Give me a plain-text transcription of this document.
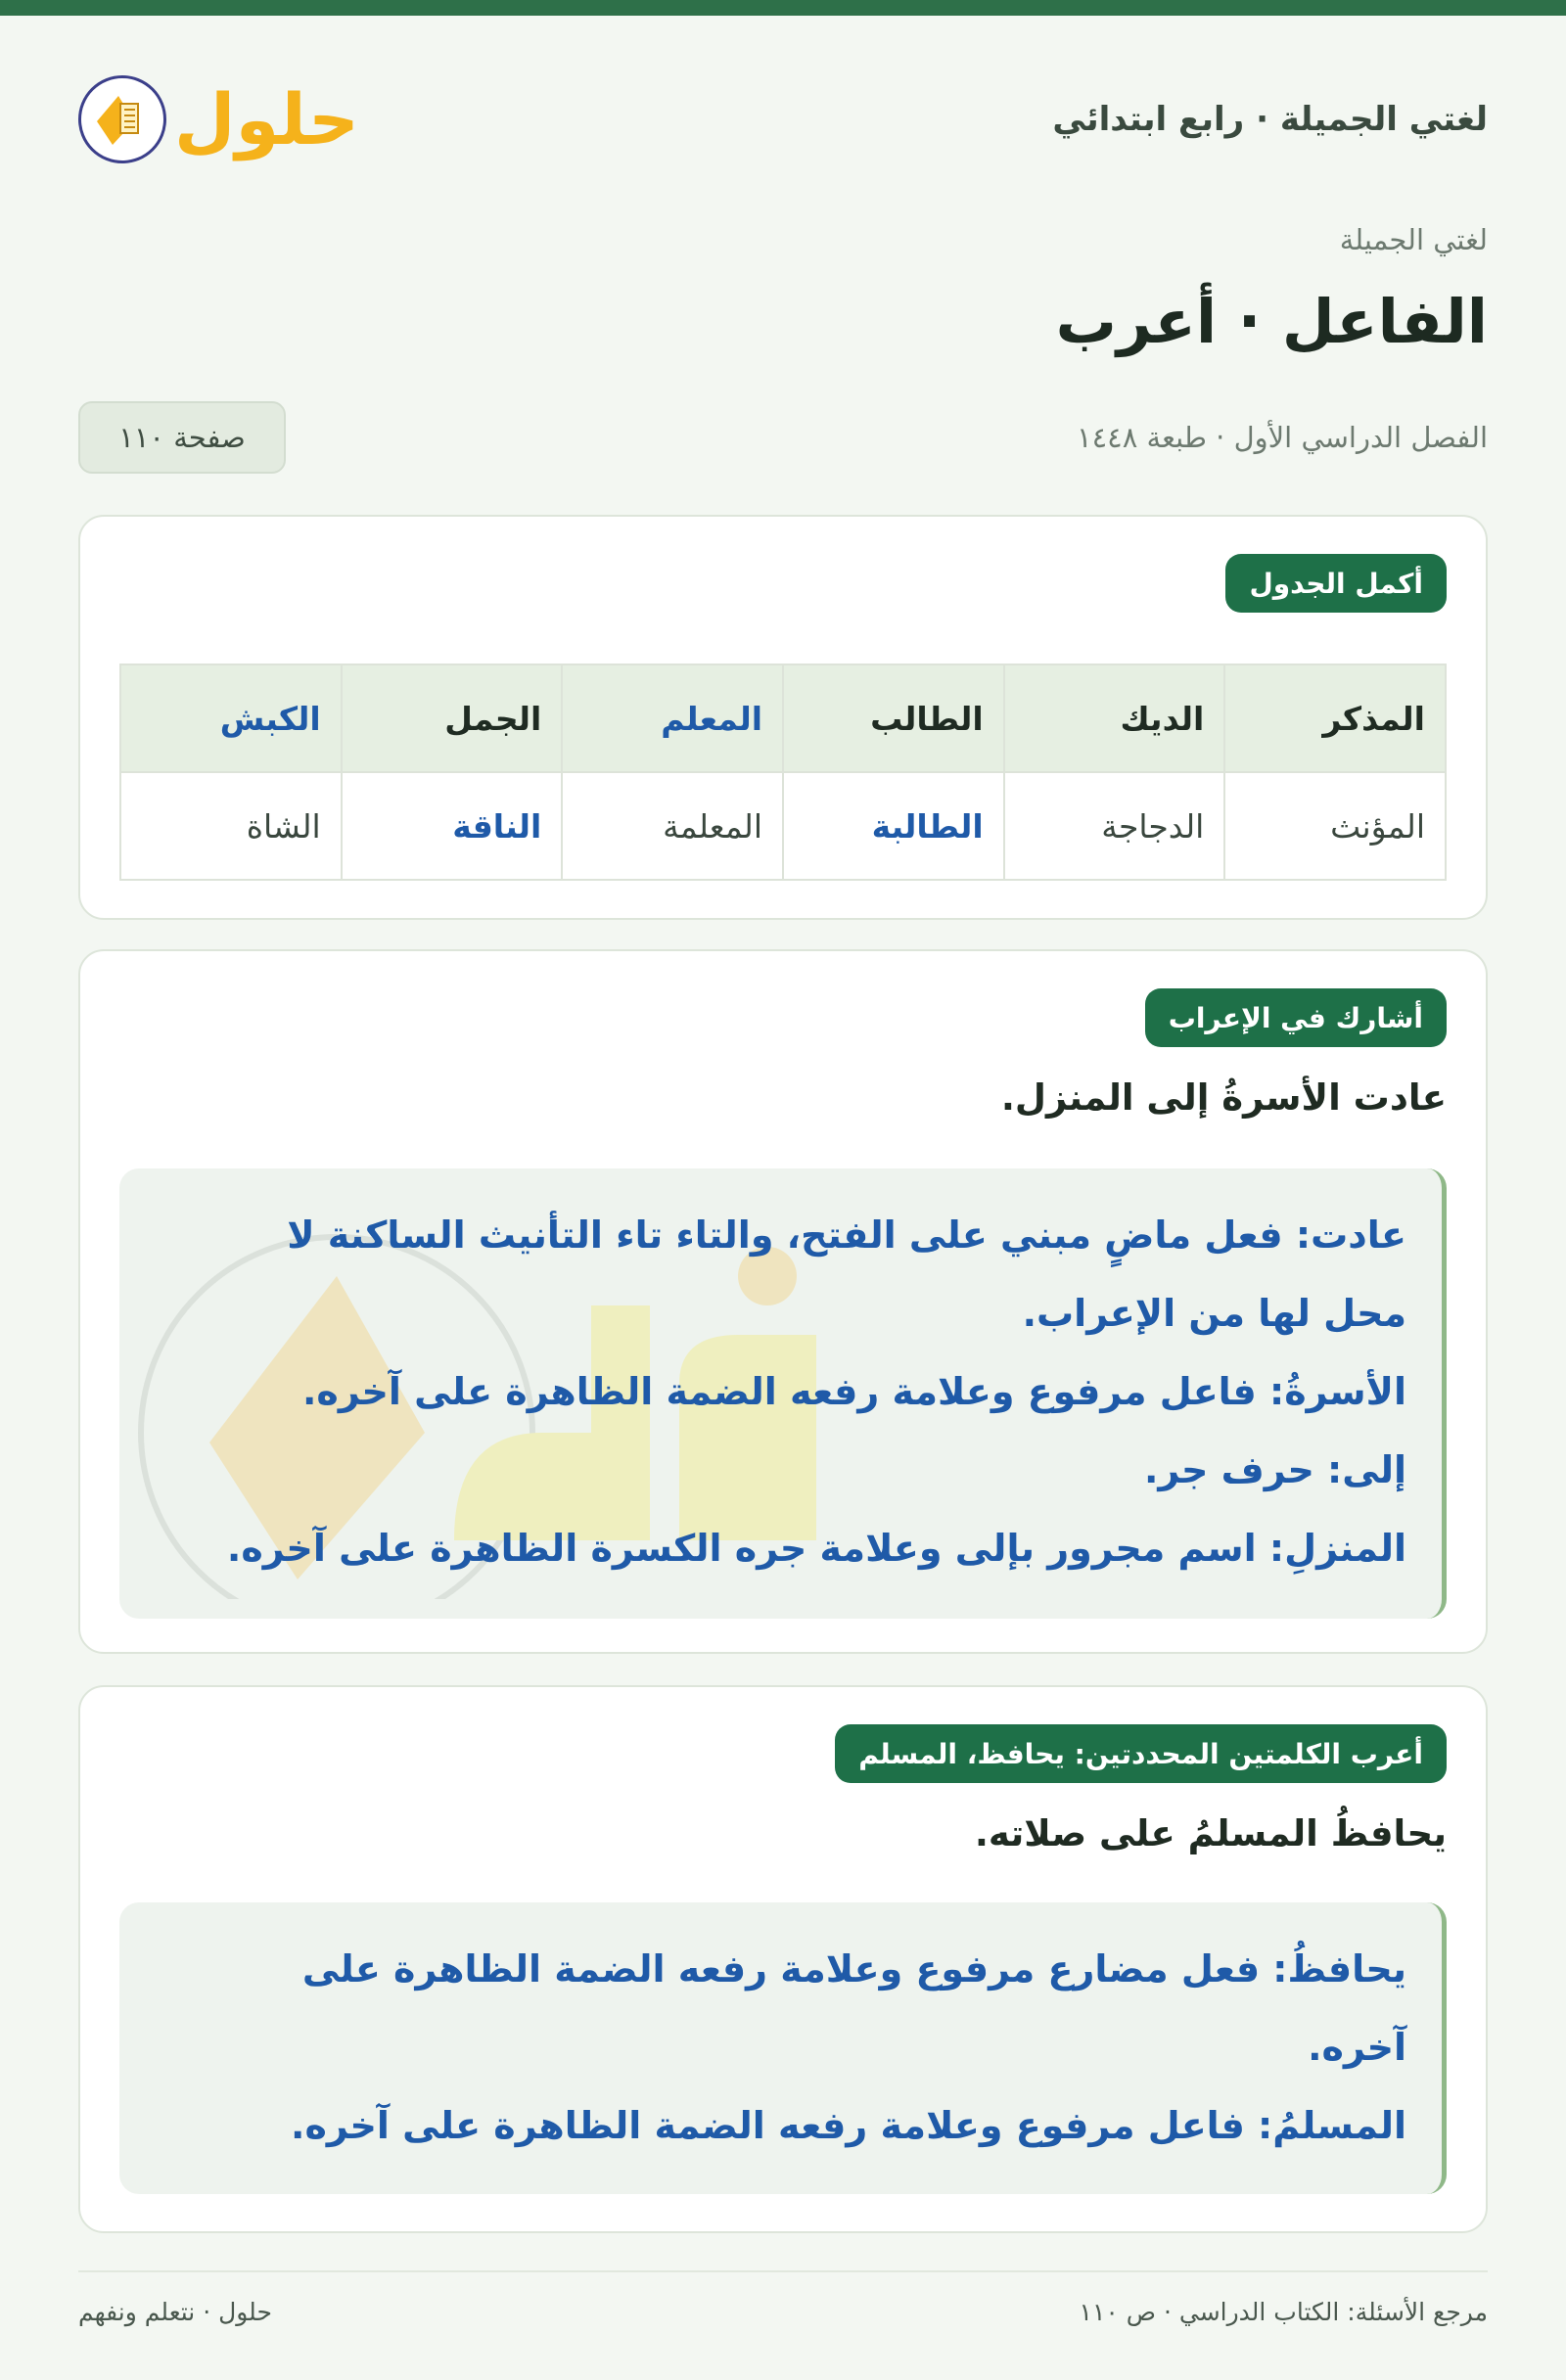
لغتي الجميلة · رابع ابتدائي
حلول
لغتي الجميلة
الفاعل · أعرب
الفصل الدراسي الأول · طبعة ١٤٤٨
صفحة ١١٠
أكمل الجدول
المذكر	الديك	الطالب	المعلم	الجمل	الكبش
المؤنث	الدجاجة	الطالبة	المعلمة	الناقة	الشاة
أشارك في الإعراب
عادت الأسرةُ إلى المنزل.
عادت: فعل ماضٍ مبني على الفتح، والتاء تاء التأنيث الساكنة لا
محل لها من الإعراب.
الأسرةُ: فاعل مرفوع وعلامة رفعه الضمة الظاهرة على آخره.
إلى: حرف جر.
المنزلِ: اسم مجرور بإلى وعلامة جره الكسرة الظاهرة على آخره.
أعرب الكلمتين المحددتين: يحافظ، المسلم
يحافظُ المسلمُ على صلاته.
يحافظُ: فعل مضارع مرفوع وعلامة رفعه الضمة الظاهرة على
آخره.
المسلمُ: فاعل مرفوع وعلامة رفعه الضمة الظاهرة على آخره.
مرجع الأسئلة: الكتاب الدراسي · ص ١١٠
حلول · نتعلم ونفهم
